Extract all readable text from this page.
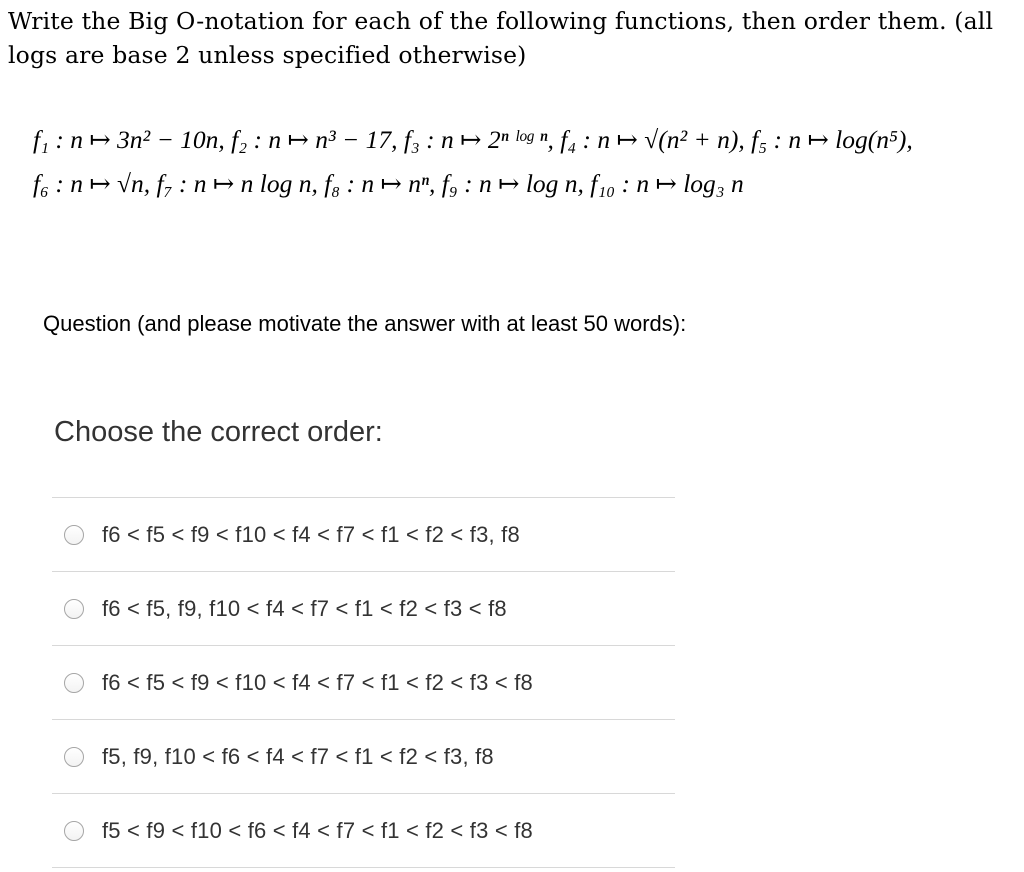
Write the Big O-notation for each of the following functions, then order them. (all logs are base 2 unless specified otherwise)
f₁ : n ↦ 3n² − 10n, f₂ : n ↦ n³ − 17, f₃ : n ↦ 2ⁿ ˡᵒᵍ ⁿ, f₄ : n ↦ √(n² + n), f₅ : n ↦ log(n⁵),
f₆ : n ↦ √n, f₇ : n ↦ n log n, f₈ : n ↦ nⁿ, f₉ : n ↦ log n, f₁₀ : n ↦ log₃ n
Question (and please motivate the answer with at least 50 words):
Choose the correct order:
f6 < f5 < f9 < f10 < f4 < f7 < f1 < f2 < f3, f8
f6 < f5, f9, f10 < f4 < f7 < f1 < f2 < f3 < f8
f6 < f5 < f9 < f10 < f4 < f7 < f1 < f2 < f3 < f8
f5, f9, f10 < f6 < f4 < f7 < f1 < f2 < f3, f8
f5 < f9 < f10 < f6 < f4 < f7 < f1 < f2 < f3 < f8
